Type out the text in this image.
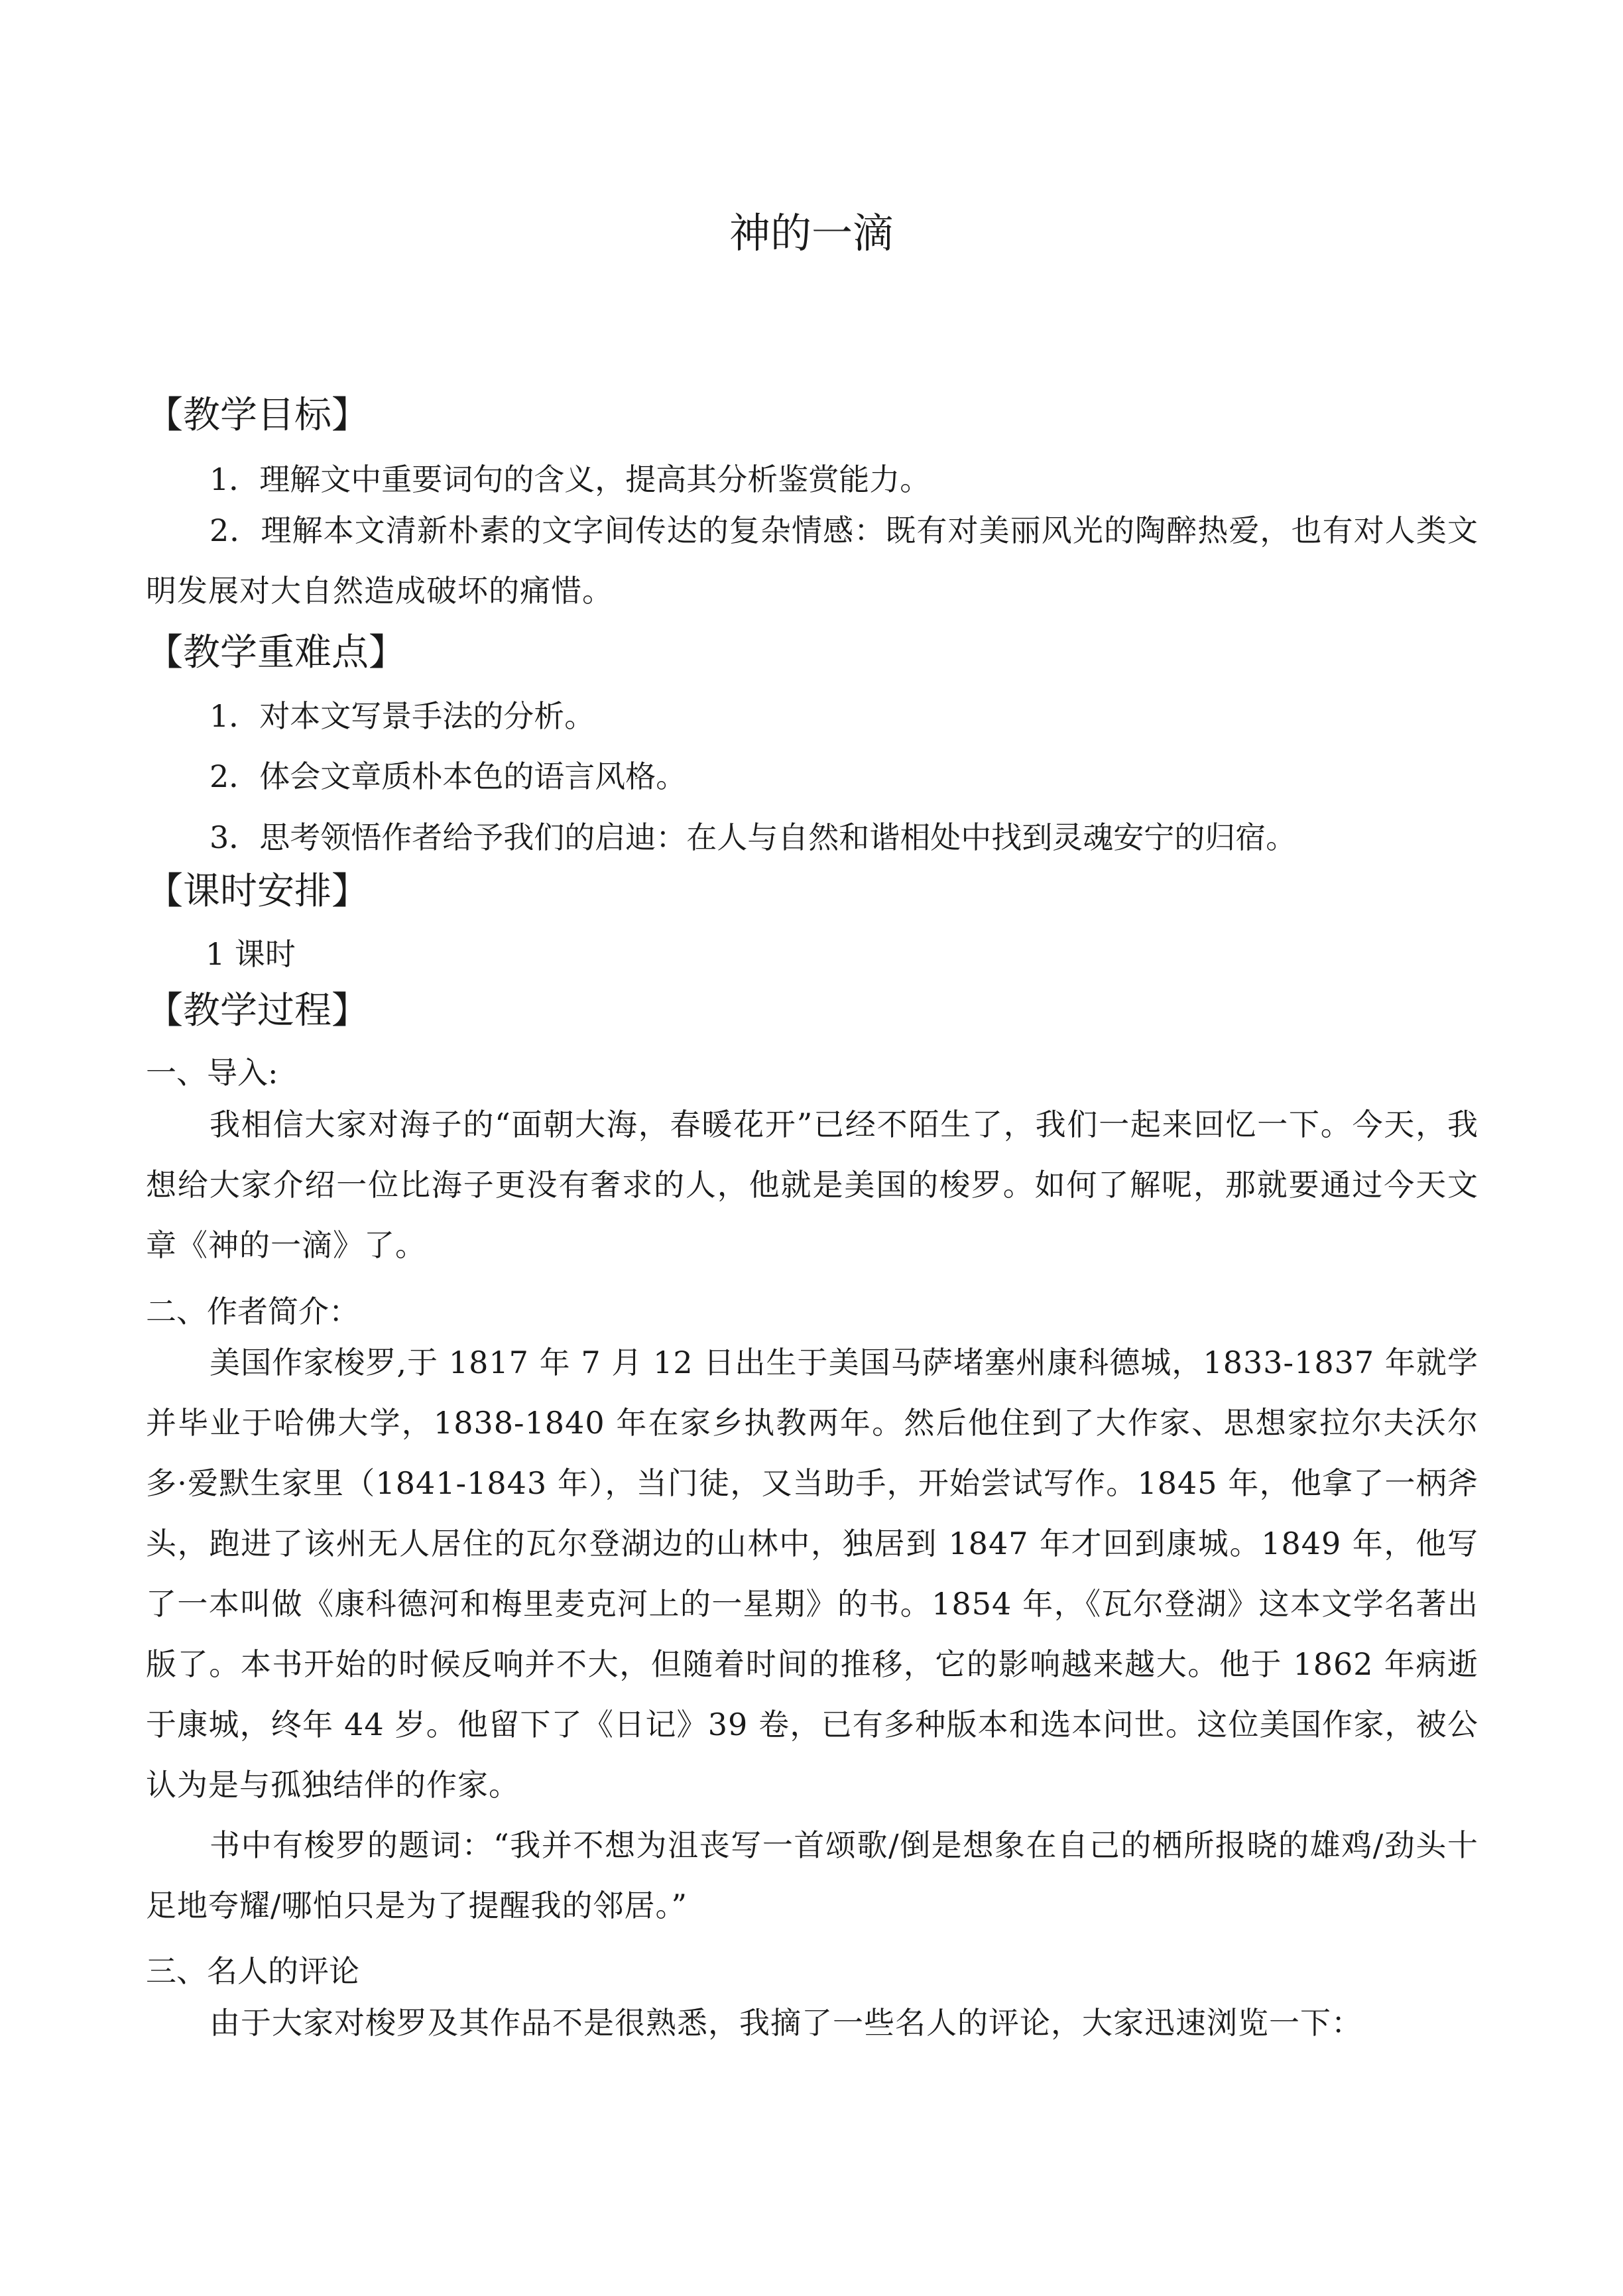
神的一滴
【教学目标】
1．理解文中重要词句的含义，提高其分析鉴赏能力。
2．理解本文清新朴素的文字间传达的复杂情感：既有对美丽风光的陶醉热爱，也有对人类文明发展对大自然造成破坏的痛惜。
【教学重难点】
1．对本文写景手法的分析。
2．体会文章质朴本色的语言风格。
3．思考领悟作者给予我们的启迪：在人与自然和谐相处中找到灵魂安宁的归宿。
【课时安排】
1 课时
【教学过程】
一、导入:
我相信大家对海子的“面朝大海，春暖花开”已经不陌生了，我们一起来回忆一下。今天，我想给大家介绍一位比海子更没有奢求的人，他就是美国的梭罗。如何了解呢，那就要通过今天文章《神的一滴》了。
二、作者简介：
美国作家梭罗,于 1817 年 7 月 12 日出生于美国马萨堵塞州康科德城，1833-1837 年就学并毕业于哈佛大学，1838-1840 年在家乡执教两年。然后他住到了大作家、思想家拉尔夫沃尔多·爱默生家里（1841-1843 年），当门徒，又当助手，开始尝试写作。1845 年，他拿了一柄斧头，跑进了该州无人居住的瓦尔登湖边的山林中，独居到 1847 年才回到康城。1849 年，他写了一本叫做《康科德河和梅里麦克河上的一星期》的书。1854 年，《瓦尔登湖》这本文学名著出版了。本书开始的时候反响并不大，但随着时间的推移，它的影响越来越大。他于 1862 年病逝于康城，终年 44 岁。他留下了《日记》39 卷，已有多种版本和选本问世。这位美国作家，被公认为是与孤独结伴的作家。
书中有梭罗的题词：“我并不想为沮丧写一首颂歌/倒是想象在自己的栖所报晓的雄鸡/劲头十足地夸耀/哪怕只是为了提醒我的邻居。”
三、名人的评论
由于大家对梭罗及其作品不是很熟悉，我摘了一些名人的评论，大家迅速浏览一下：
